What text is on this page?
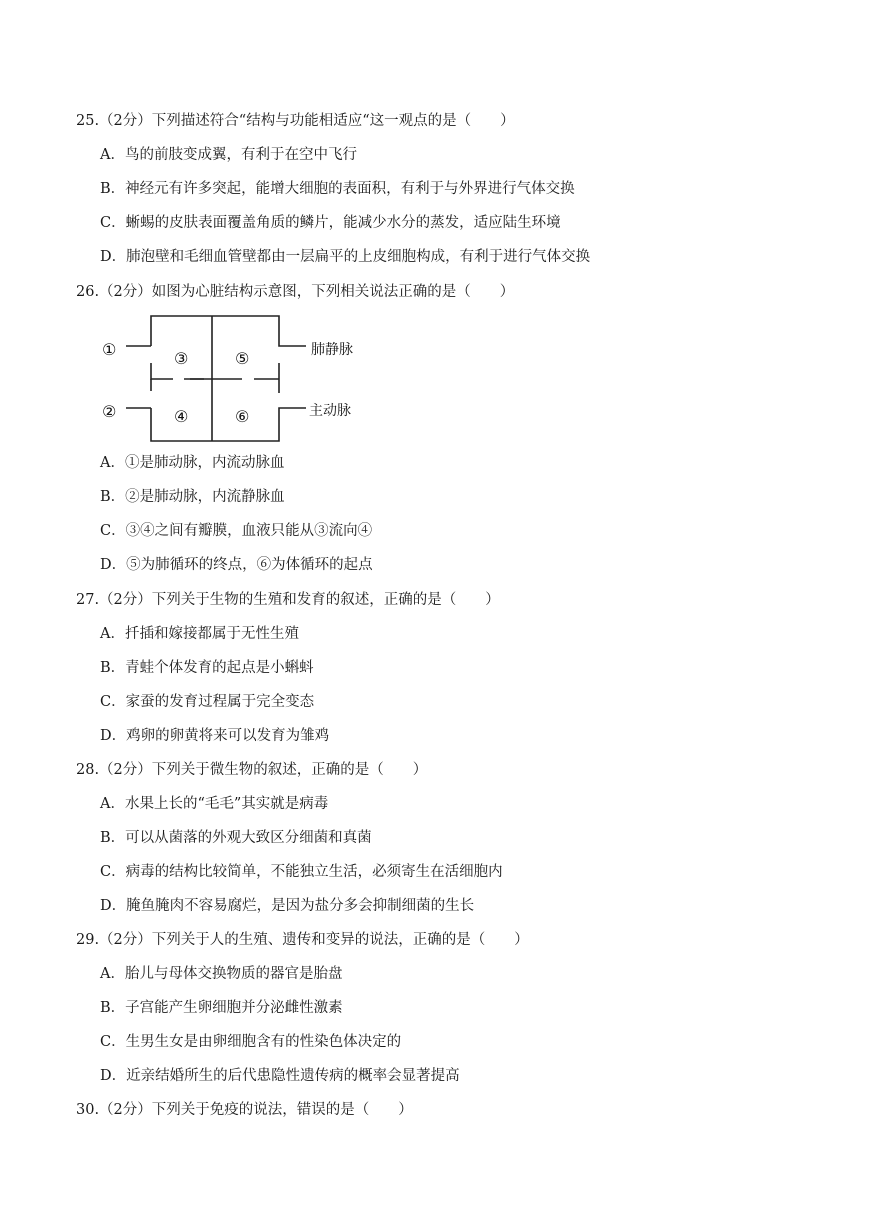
25.（2分）下列描述符合“结构与功能相适应“这一观点的是（　　）
A．鸟的前肢变成翼，有利于在空中飞行
B．神经元有许多突起，能增大细胞的表面积，有利于与外界进行气体交换
C．蜥蜴的皮肤表面覆盖角质的鳞片，能减少水分的蒸发，适应陆生环境
D．肺泡壁和毛细血管壁都由一层扁平的上皮细胞构成，有利于进行气体交换
26.（2分）如图为心脏结构示意图，下列相关说法正确的是（　　）
①
②
③
④
⑤
⑥
肺静脉
主动脉
A．①是肺动脉，内流动脉血
B．②是肺动脉，内流静脉血
C．③④之间有瓣膜，血液只能从③流向④
D．⑤为肺循环的终点，⑥为体循环的起点
27.（2分）下列关于生物的生殖和发育的叙述，正确的是（　　）
A．扦插和嫁接都属于无性生殖
B．青蛙个体发育的起点是小蝌蚪
C．家蚕的发育过程属于完全变态
D．鸡卵的卵黄将来可以发育为雏鸡
28.（2分）下列关于微生物的叙述，正确的是（　　）
A．水果上长的“毛毛”其实就是病毒
B．可以从菌落的外观大致区分细菌和真菌
C．病毒的结构比较简单，不能独立生活，必须寄生在活细胞内
D．腌鱼腌肉不容易腐烂，是因为盐分多会抑制细菌的生长
29.（2分）下列关于人的生殖、遗传和变异的说法，正确的是（　　）
A．胎儿与母体交换物质的器官是胎盘
B．子宫能产生卵细胞并分泌雌性激素
C．生男生女是由卵细胞含有的性染色体决定的
D．近亲结婚所生的后代患隐性遗传病的概率会显著提高
30.（2分）下列关于免疫的说法，错误的是（　　）
